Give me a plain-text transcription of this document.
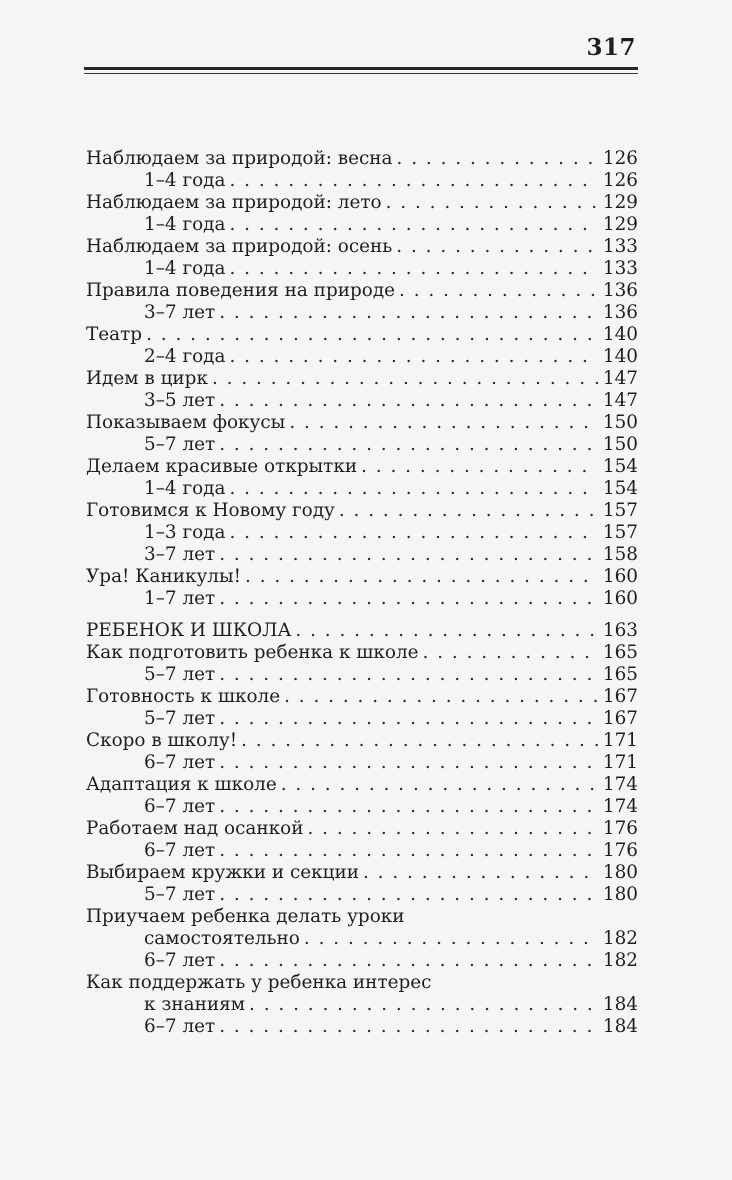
317
Наблюдаем за природой: весна . . .	126
1–4 года . . .	126
Наблюдаем за природой: лето . . .	129
1–4 года . . .	129
Наблюдаем за природой: осень . . .	133
1–4 года . . .	133
Правила поведения на природе . . .	136
3–7 лет . . .	136
Театр . . .	140
2–4 года . . .	140
Идем в цирк . . .	147
3–5 лет . . .	147
Показываем фокусы . . .	150
5–7 лет . . .	150
Делаем красивые открытки . . .	154
1–4 года . . .	154
Готовимся к Новому году . . .	157
1–3 года . . .	157
3–7 лет . . .	158
Ура! Каникулы! . . .	160
1–7 лет . . .	160
РЕБЕНОК И ШКОЛА . . .	163
Как подготовить ребенка к школе . . .	165
5–7 лет . . .	165
Готовность к школе . . .	167
5–7 лет . . .	167
Скоро в школу! . . .	171
6–7 лет . . .	171
Адаптация к школе . . .	174
6–7 лет . . .	174
Работаем над осанкой . . .	176
6–7 лет . . .	176
Выбираем кружки и секции . . .	180
5–7 лет . . .	180
Приучаем ребенка делать уроки
самостоятельно . . .	182
6–7 лет . . .	182
Как поддержать у ребенка интерес
к знаниям . . .	184
6–7 лет . . .	184
